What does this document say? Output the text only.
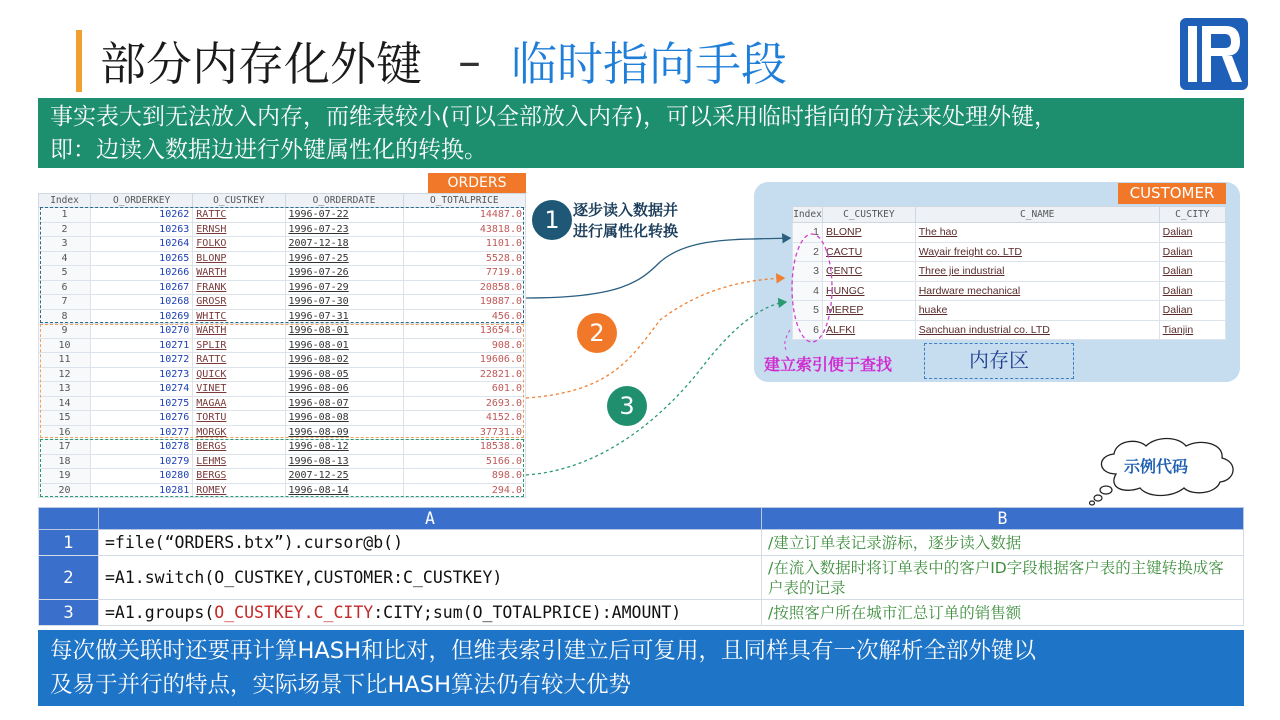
部分内存化外键 – 临时指向手段
事实表大到无法放入内存，而维表较小(可以全部放入内存)，可以采用临时指向的方法来处理外键，
即：边读入数据边进行外键属性化的转换。
ORDERS
Index	O_ORDERKEY	O_CUSTKEY	O_ORDERDATE	O_TOTALPRICE
1	10262	RATTC	1996-07-22	14487.0
2	10263	ERNSH	1996-07-23	43818.0
3	10264	FOLKO	2007-12-18	1101.0
4	10265	BLONP	1996-07-25	5528.0
5	10266	WARTH	1996-07-26	7719.0
6	10267	FRANK	1996-07-29	20858.0
7	10268	GROSR	1996-07-30	19887.0
8	10269	WHITC	1996-07-31	456.0
9	10270	WARTH	1996-08-01	13654.0
10	10271	SPLIR	1996-08-01	908.0
11	10272	RATTC	1996-08-02	19606.0
12	10273	QUICK	1996-08-05	22821.0
13	10274	VINET	1996-08-06	601.0
14	10275	MAGAA	1996-08-07	2693.0
15	10276	TORTU	1996-08-08	4152.0
16	10277	MORGK	1996-08-09	37731.0
17	10278	BERGS	1996-08-12	18538.0
18	10279	LEHMS	1996-08-13	5166.0
19	10280	BERGS	2007-12-25	898.0
20	10281	ROMEY	1996-08-14	294.0
CUSTOMER
Index	C_CUSTKEY	C_NAME	C_CITY
1	BLONP	The hao	Dalian
2	CACTU	Wayair freight co. LTD	Dalian
3	CENTC	Three jie industrial	Dalian
4	HUNGC	Hardware mechanical	Dalian
5	MEREP	huake	Dalian
6	ALFKI	Sanchuan industrial co. LTD	Tianjin
建立索引便于查找	内存区
1 逐步读入数据并
进行属性化转换
2
3
示例代码
	A	B
1	=file(“ORDERS.btx”).cursor@b()	/建立订单表记录游标，逐步读入数据
2	=A1.switch(O_CUSTKEY,CUSTOMER:C_CUSTKEY)	/在流入数据时将订单表中的客户ID字段根据客户表的主键转换成客户表的记录
3	=A1.groups(O_CUSTKEY.C_CITY:CITY;sum(O_TOTALPRICE):AMOUNT)	/按照客户所在城市汇总订单的销售额
每次做关联时还要再计算HASH和比对，但维表索引建立后可复用，且同样具有一次解析全部外键以
及易于并行的特点，实际场景下比HASH算法仍有较大优势
